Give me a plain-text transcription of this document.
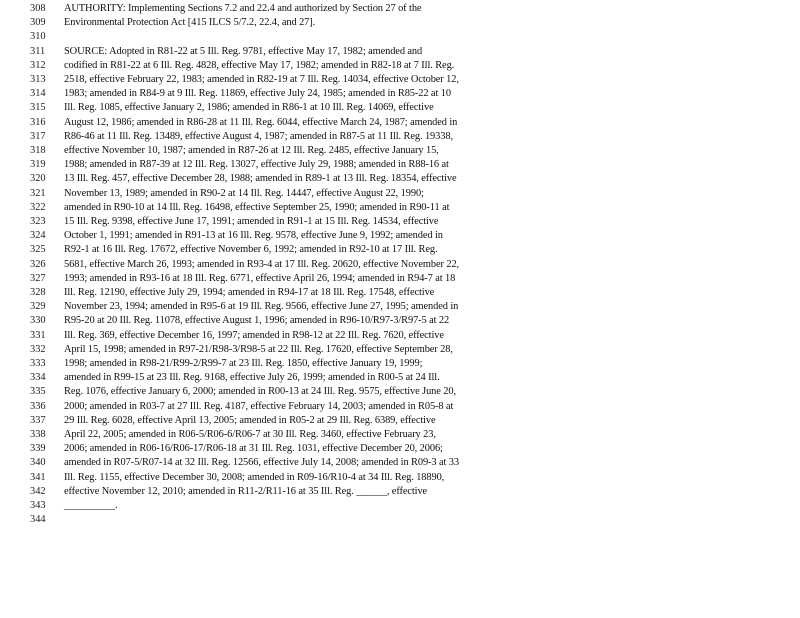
308	AUTHORITY: Implementing Sections 7.2 and 22.4 and authorized by Section 27 of the
309	Environmental Protection Act [415 ILCS 5/7.2, 22.4, and 27].
310
311	SOURCE: Adopted in R81-22 at 5 Ill. Reg. 9781, effective May 17, 1982; amended and
312	codified in R81-22 at 6 Ill. Reg. 4828, effective May 17, 1982; amended in R82-18 at 7 Ill. Reg.
313	2518, effective February 22, 1983; amended in R82-19 at 7 Ill. Reg. 14034, effective October 12,
314	1983; amended in R84-9 at 9 Ill. Reg. 11869, effective July 24, 1985; amended in R85-22 at 10
315	Ill. Reg. 1085, effective January 2, 1986; amended in R86-1 at 10 Ill. Reg. 14069, effective
316	August 12, 1986; amended in R86-28 at 11 Ill. Reg. 6044, effective March 24, 1987; amended in
317	R86-46 at 11 Ill. Reg. 13489, effective August 4, 1987; amended in R87-5 at 11 Ill. Reg. 19338,
318	effective November 10, 1987; amended in R87-26 at 12 Ill. Reg. 2485, effective January 15,
319	1988; amended in R87-39 at 12 Ill. Reg. 13027, effective July 29, 1988; amended in R88-16 at
320	13 Ill. Reg. 457, effective December 28, 1988; amended in R89-1 at 13 Ill. Reg. 18354, effective
321	November 13, 1989; amended in R90-2 at 14 Ill. Reg. 14447, effective August 22, 1990;
322	amended in R90-10 at 14 Ill. Reg. 16498, effective September 25, 1990; amended in R90-11 at
323	15 Ill. Reg. 9398, effective June 17, 1991; amended in R91-1 at 15 Ill. Reg. 14534, effective
324	October 1, 1991; amended in R91-13 at 16 Ill. Reg. 9578, effective June 9, 1992; amended in
325	R92-1 at 16 Ill. Reg. 17672, effective November 6, 1992; amended in R92-10 at 17 Ill. Reg.
326	5681, effective March 26, 1993; amended in R93-4 at 17 Ill. Reg. 20620, effective November 22,
327	1993; amended in R93-16 at 18 Ill. Reg. 6771, effective April 26, 1994; amended in R94-7 at 18
328	Ill. Reg. 12190, effective July 29, 1994; amended in R94-17 at 18 Ill. Reg. 17548, effective
329	November 23, 1994; amended in R95-6 at 19 Ill. Reg. 9566, effective June 27, 1995; amended in
330	R95-20 at 20 Ill. Reg. 11078, effective August 1, 1996; amended in R96-10/R97-3/R97-5 at 22
331	Ill. Reg. 369, effective December 16, 1997; amended in R98-12 at 22 Ill. Reg. 7620, effective
332	April 15, 1998; amended in R97-21/R98-3/R98-5 at 22 Ill. Reg. 17620, effective September 28,
333	1998; amended in R98-21/R99-2/R99-7 at 23 Ill. Reg. 1850, effective January 19, 1999;
334	amended in R99-15 at 23 Ill. Reg. 9168, effective July 26, 1999; amended in R00-5 at 24 Ill.
335	Reg. 1076, effective January 6, 2000; amended in R00-13 at 24 Ill. Reg. 9575, effective June 20,
336	2000; amended in R03-7 at 27 Ill. Reg. 4187, effective February 14, 2003; amended in R05-8 at
337	29 Ill. Reg. 6028, effective April 13, 2005; amended in R05-2 at 29 Ill. Reg. 6389, effective
338	April 22, 2005; amended in R06-5/R06-6/R06-7 at 30 Ill. Reg. 3460, effective February 23,
339	2006; amended in R06-16/R06-17/R06-18 at 31 Ill. Reg. 1031, effective December 20, 2006;
340	amended in R07-5/R07-14 at 32 Ill. Reg. 12566, effective July 14, 2008; amended in R09-3 at 33
341	Ill. Reg. 1155, effective December 30, 2008; amended in R09-16/R10-4 at 34 Ill. Reg. 18890,
342	effective November 12, 2010; amended in R11-2/R11-16 at 35 Ill. Reg. ______, effective
343	__________.
344
